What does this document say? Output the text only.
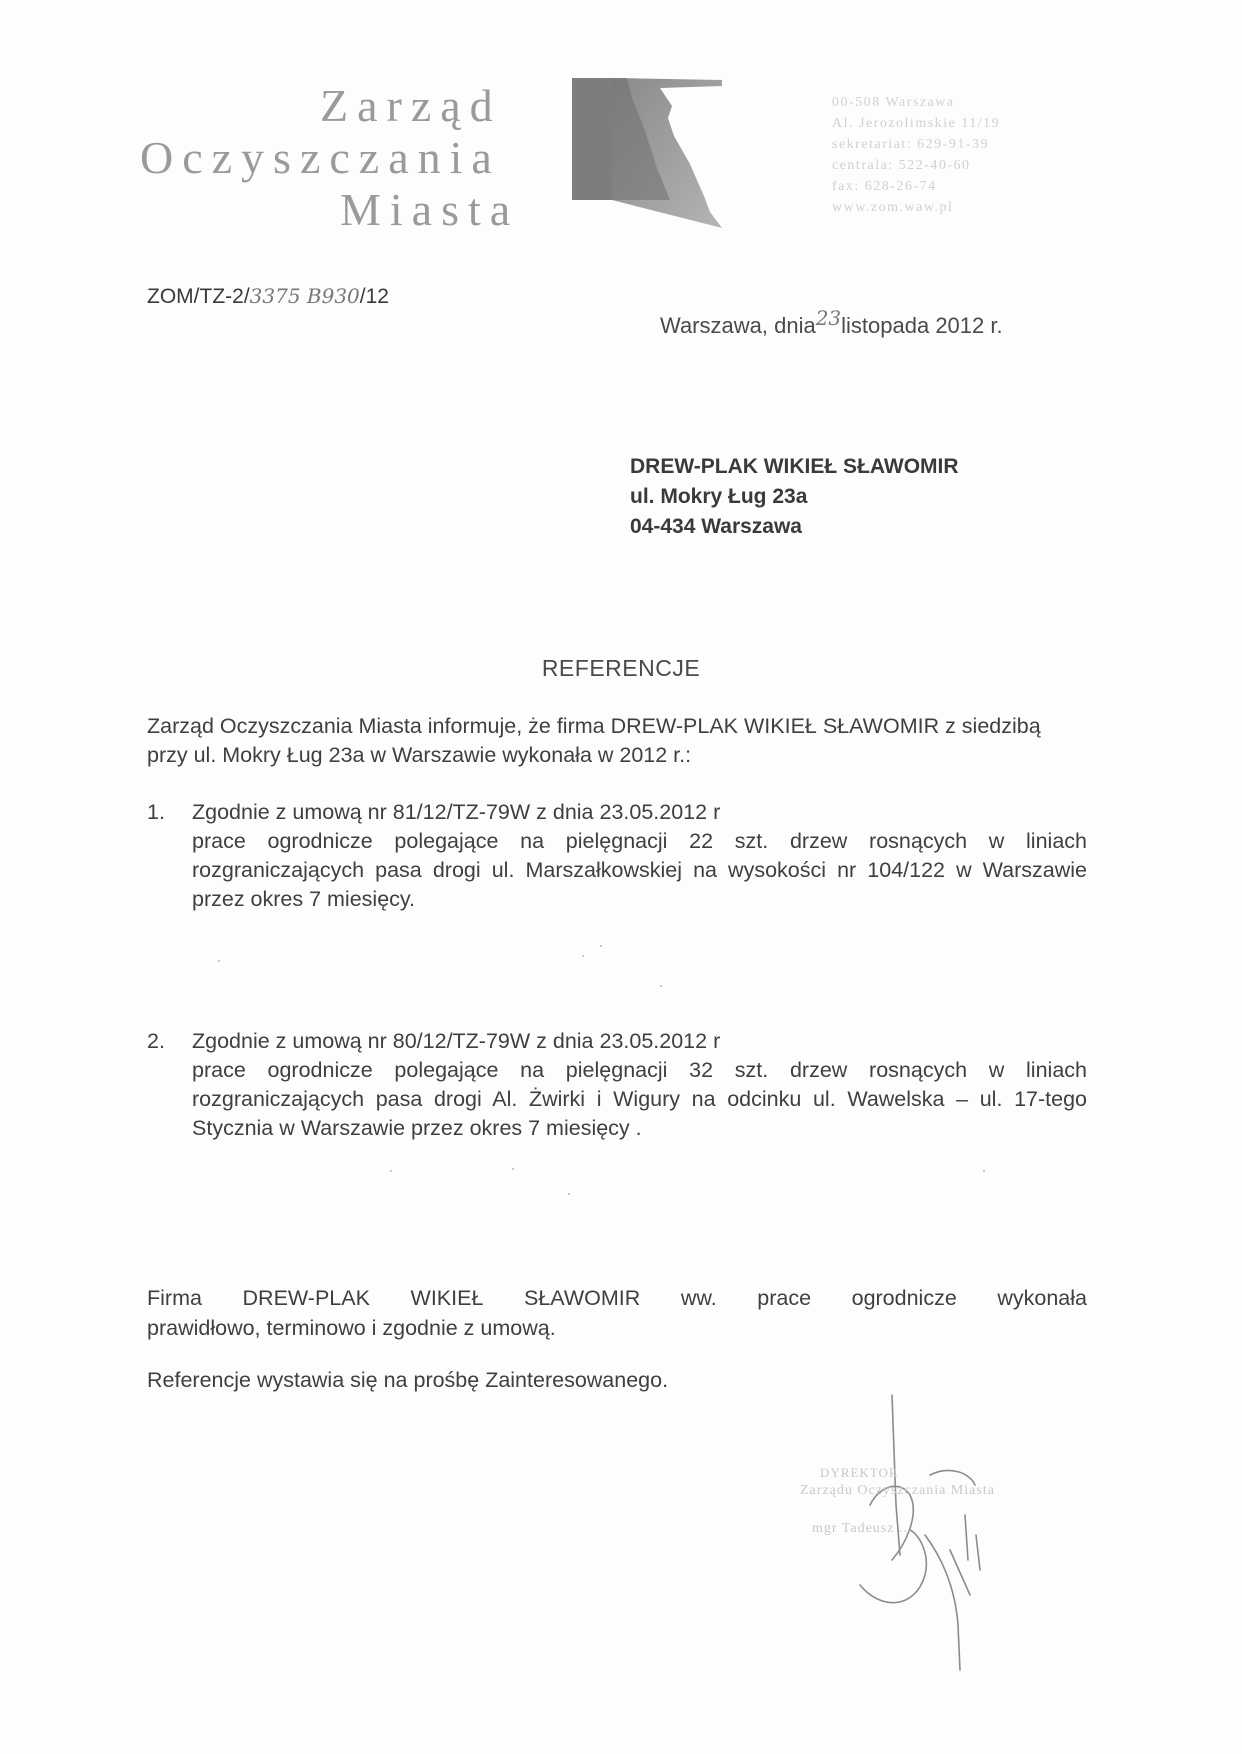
Zarząd
Oczyszczania
Miasta
00-508 Warszawa
Al. Jerozolimskie 11/19
sekretariat: 629-91-39
centrala: 522-40-60
fax: 628-26-74
www.zom.waw.pl
ZOM/TZ-2/3375 B930/12
Warszawa, dnia23listopada 2012 r.
DREW-PLAK WIKIEŁ SŁAWOMIR
ul. Mokry Ług 23a
04-434 Warszawa
REFERENCJE
Zarząd Oczyszczania Miasta informuje, że firma DREW-PLAK WIKIEŁ SŁAWOMIR z siedzibą przy ul. Mokry Ług 23a w Warszawie wykonała w 2012 r.:
1. Zgodnie z umową nr 81/12/TZ-79W z dnia 23.05.2012 r
prace ogrodnicze polegające na pielęgnacji 22 szt. drzew rosnących w liniach rozgraniczających pasa drogi ul. Marszałkowskiej na wysokości nr 104/122 w Warszawie przez okres 7 miesięcy.
2. Zgodnie z umową nr 80/12/TZ-79W z dnia 23.05.2012 r
prace ogrodnicze polegające na pielęgnacji 32 szt. drzew rosnących w liniach rozgraniczających pasa drogi Al. Żwirki i Wigury na odcinku ul. Wawelska – ul. 17-tego Stycznia w Warszawie przez okres 7 miesięcy .
Firma DREW-PLAK WIKIEŁ SŁAWOMIR ww. prace ogrodnicze wykonała
prawidłowo, terminowo i zgodnie z umową.
Referencje wystawia się na prośbę Zainteresowanego.
DYREKTOR
Zarządu Oczyszczania Miasta
mgr Tadeusz ...
